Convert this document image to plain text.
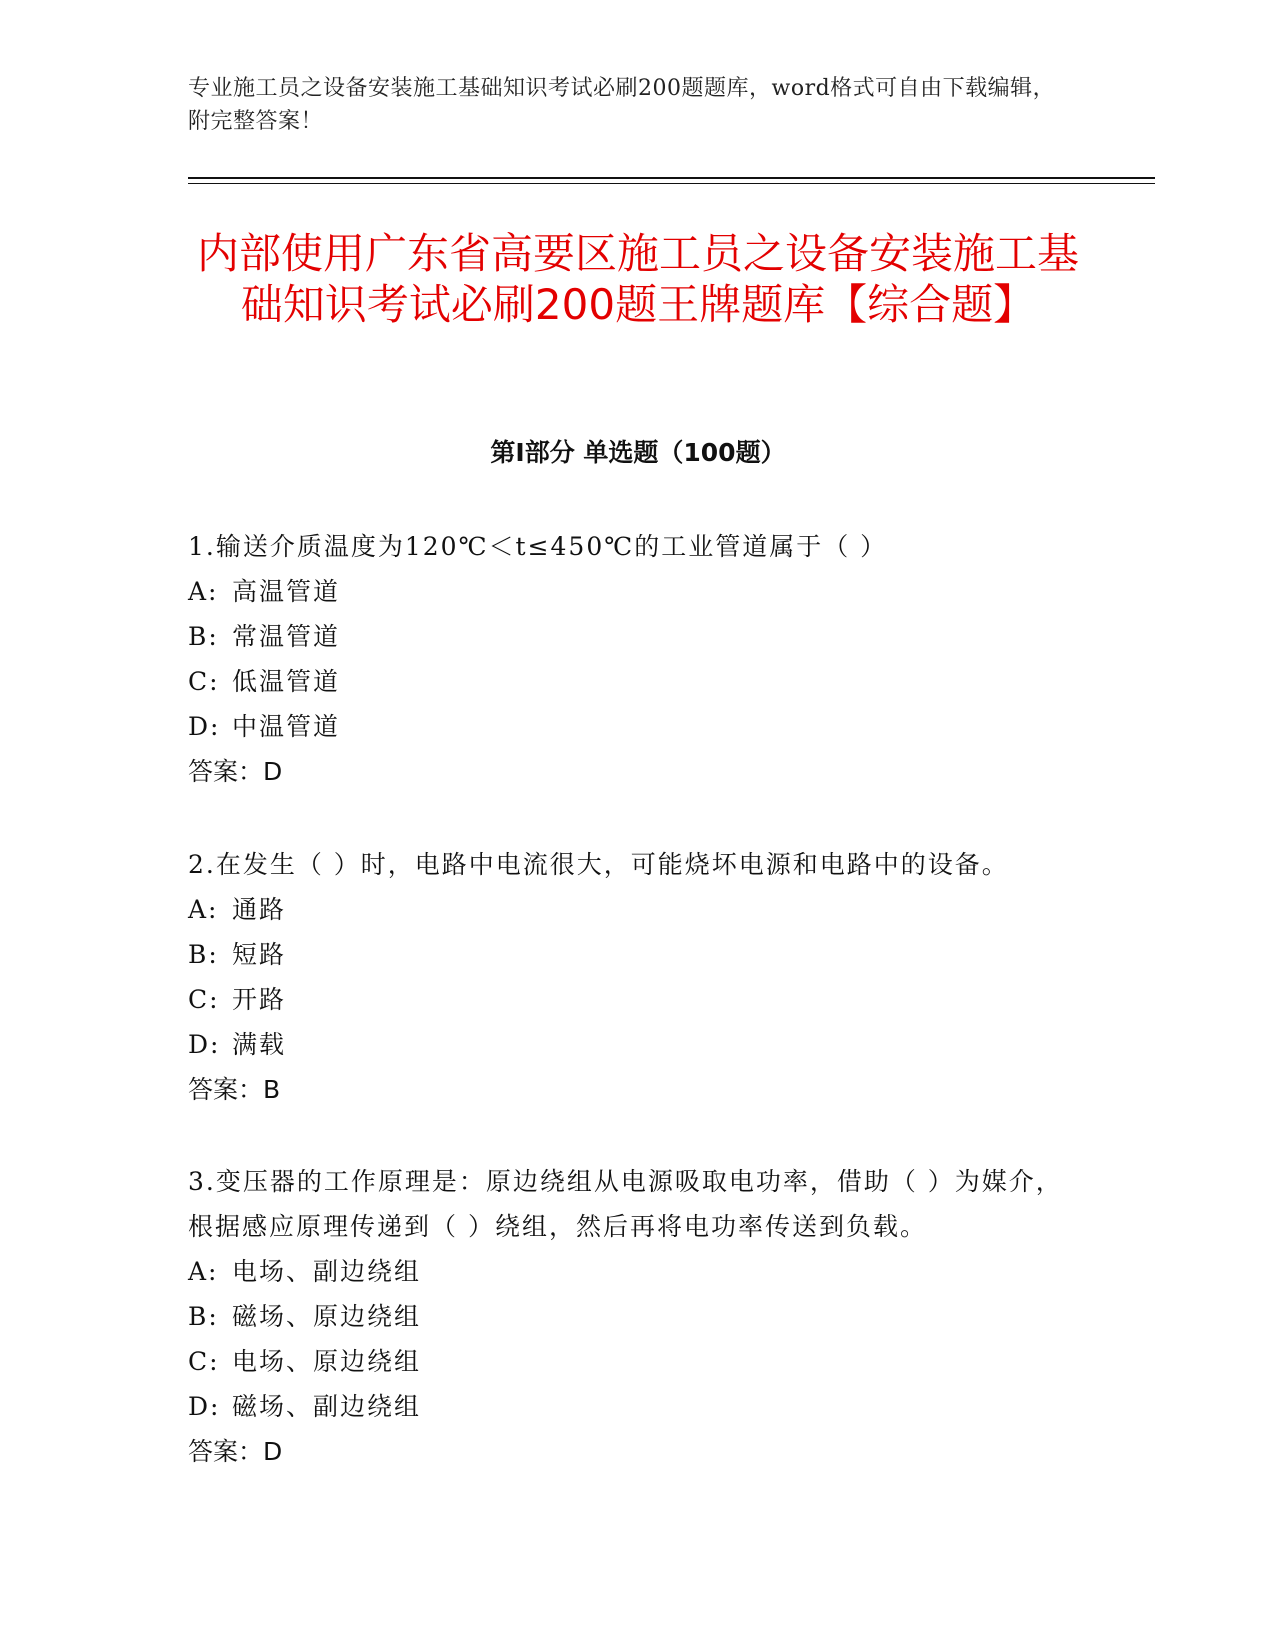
专业施工员之设备安装施工基础知识考试必刷200题题库，word格式可自由下载编辑，附完整答案！
内部使用广东省高要区施工员之设备安装施工基础知识考试必刷200题王牌题库【综合题】
第Ⅰ部分 单选题（100题）

1.输送介质温度为120℃＜t≤450℃的工业管道属于（ ）

A: 高温管道
B: 常温管道
C: 低温管道
D: 中温管道
答案：D

2.在发生（ ）时，电路中电流很大，可能烧坏电源和电路中的设备。

A: 通路
B: 短路
C: 开路
D: 满载
答案：B

3.变压器的工作原理是：原边绕组从电源吸取电功率，借助（ ）为媒介，根据感应原理传递到（ ）绕组，然后再将电功率传送到负载。

A: 电场、副边绕组
B: 磁场、原边绕组
C: 电场、原边绕组
D: 磁场、副边绕组
答案：D
